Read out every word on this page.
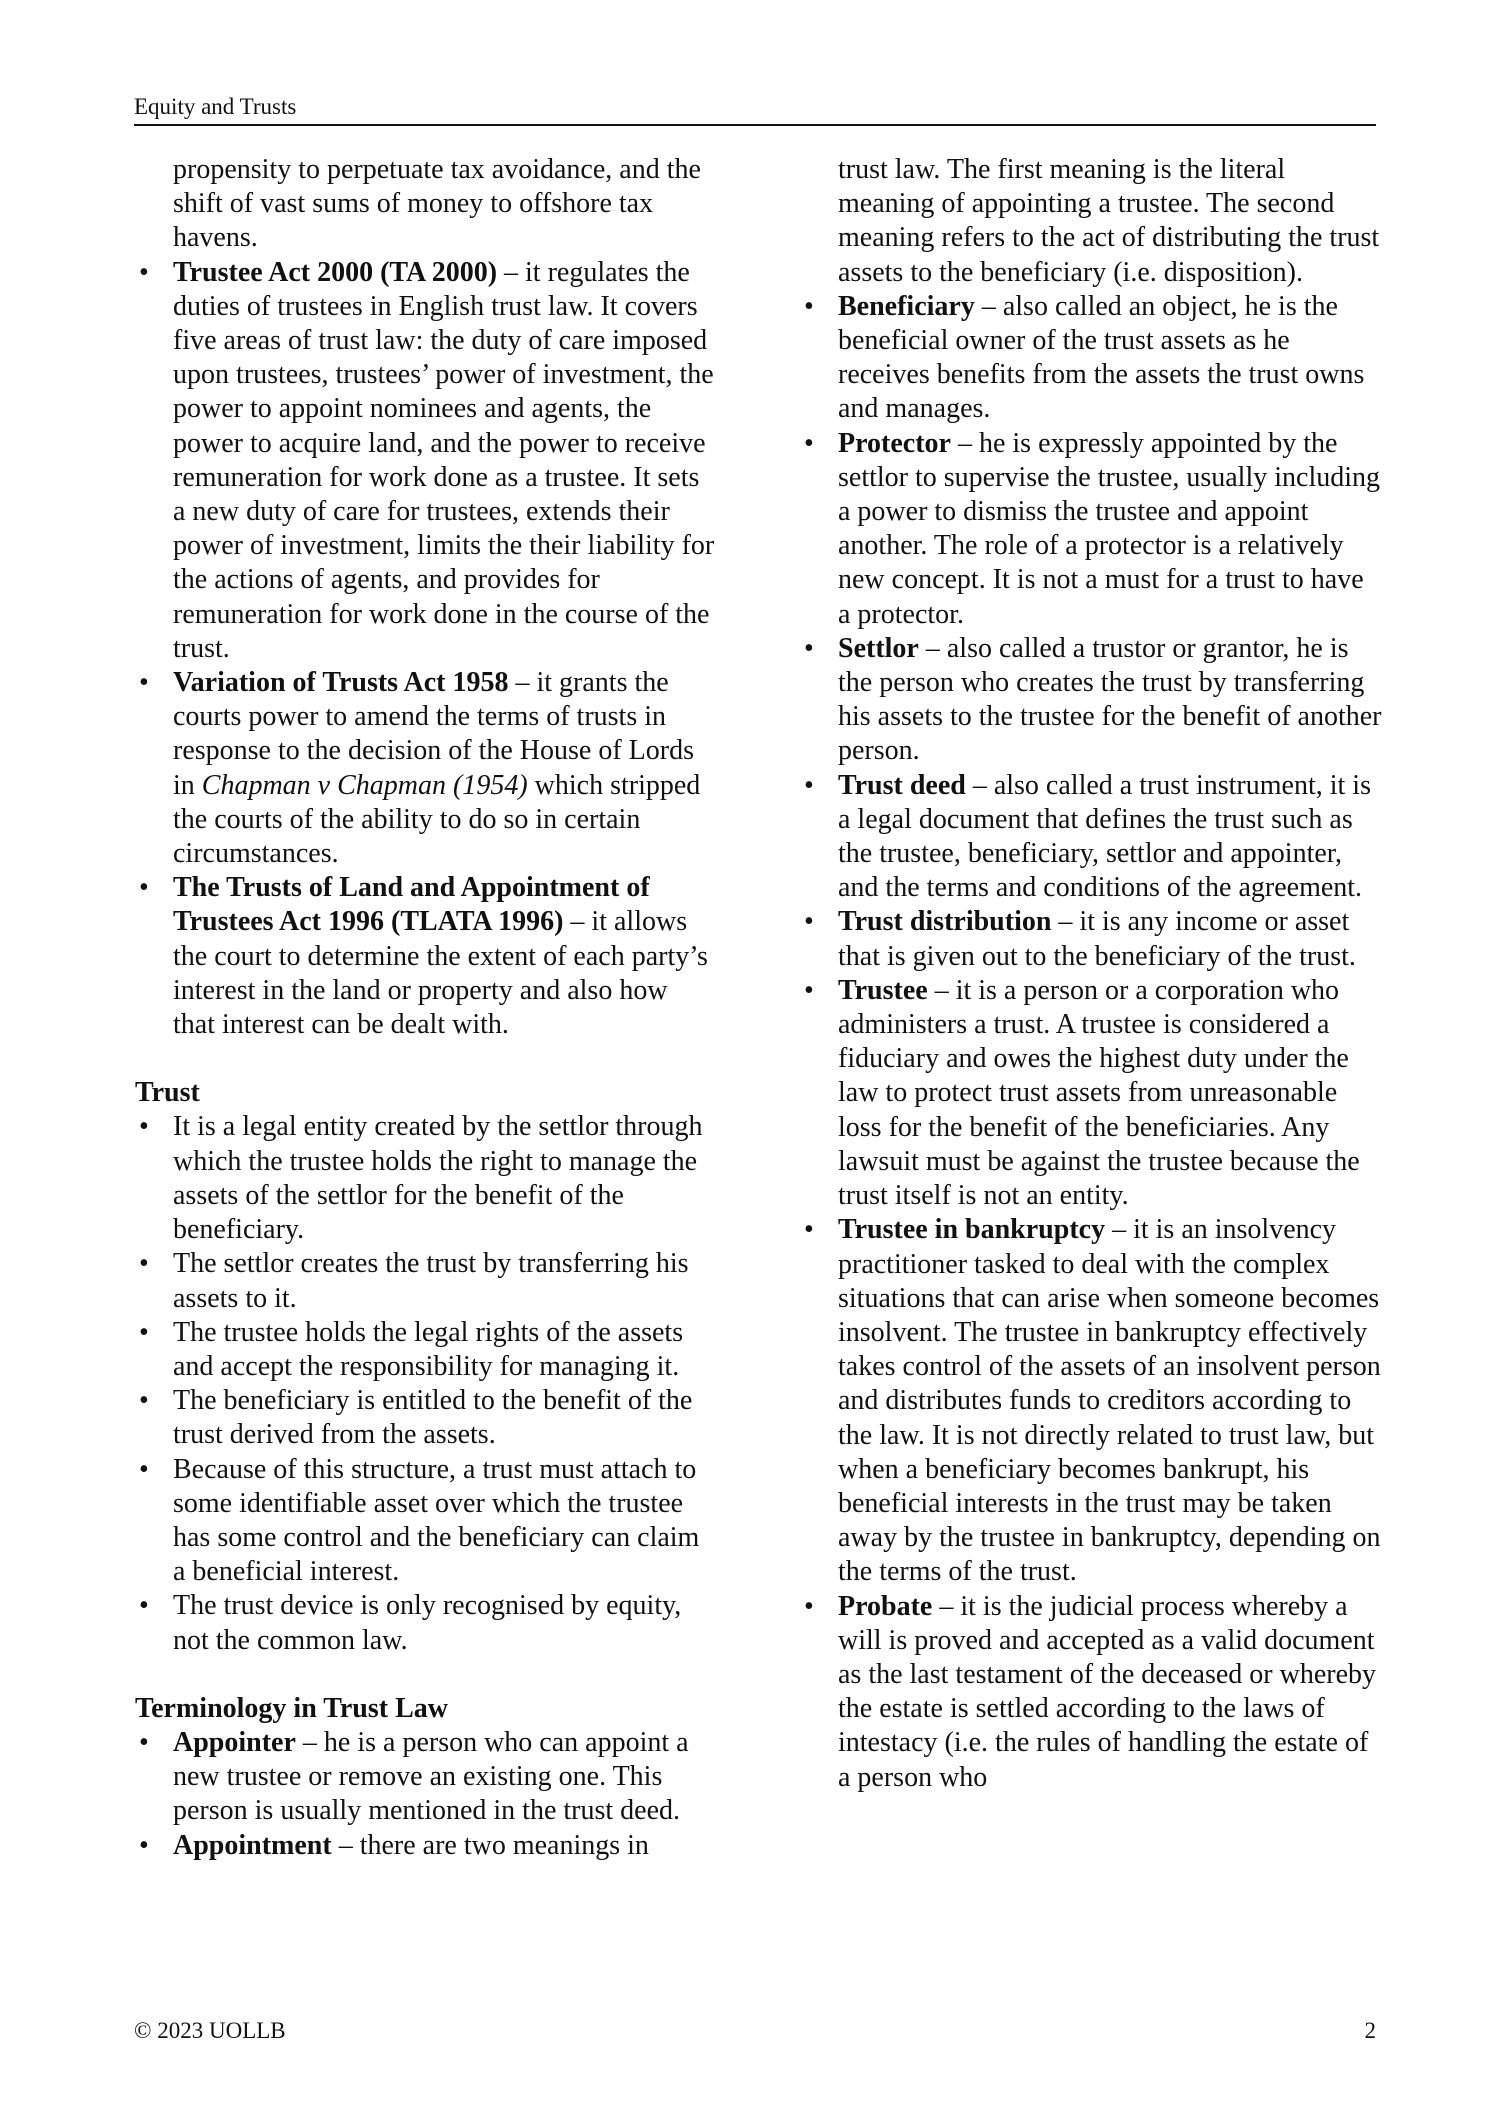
Equity and Trusts
propensity to perpetuate tax avoidance, and the shift of vast sums of money to offshore tax havens.
• Trustee Act 2000 (TA 2000) – it regulates the duties of trustees in English trust law. It covers five areas of trust law: the duty of care imposed upon trustees, trustees’ power of investment, the power to appoint nominees and agents, the power to acquire land, and the power to receive remuneration for work done as a trustee. It sets a new duty of care for trustees, extends their power of investment, limits the their liability for the actions of agents, and provides for remuneration for work done in the course of the trust.
• Variation of Trusts Act 1958 – it grants the courts power to amend the terms of trusts in response to the decision of the House of Lords in Chapman v Chapman (1954) which stripped the courts of the ability to do so in certain circumstances.
• The Trusts of Land and Appointment of Trustees Act 1996 (TLATA 1996) – it allows the court to determine the extent of each party’s interest in the land or property and also how that interest can be dealt with.
Trust
• It is a legal entity created by the settlor through which the trustee holds the right to manage the assets of the settlor for the benefit of the beneficiary.
• The settlor creates the trust by transferring his assets to it.
• The trustee holds the legal rights of the assets and accept the responsibility for managing it.
• The beneficiary is entitled to the benefit of the trust derived from the assets.
• Because of this structure, a trust must attach to some identifiable asset over which the trustee has some control and the beneficiary can claim a beneficial interest.
• The trust device is only recognised by equity, not the common law.
Terminology in Trust Law
• Appointer – he is a person who can appoint a new trustee or remove an existing one. This person is usually mentioned in the trust deed.
• Appointment – there are two meanings in
trust law. The first meaning is the literal meaning of appointing a trustee. The second meaning refers to the act of distributing the trust assets to the beneficiary (i.e. disposition).
• Beneficiary – also called an object, he is the beneficial owner of the trust assets as he receives benefits from the assets the trust owns and manages.
• Protector – he is expressly appointed by the settlor to supervise the trustee, usually including a power to dismiss the trustee and appoint another. The role of a protector is a relatively new concept. It is not a must for a trust to have a protector.
• Settlor – also called a trustor or grantor, he is the person who creates the trust by transferring his assets to the trustee for the benefit of another person.
• Trust deed – also called a trust instrument, it is a legal document that defines the trust such as the trustee, beneficiary, settlor and appointer, and the terms and conditions of the agreement.
• Trust distribution – it is any income or asset that is given out to the beneficiary of the trust.
• Trustee – it is a person or a corporation who administers a trust. A trustee is considered a fiduciary and owes the highest duty under the law to protect trust assets from unreasonable loss for the benefit of the beneficiaries. Any lawsuit must be against the trustee because the trust itself is not an entity.
• Trustee in bankruptcy – it is an insolvency practitioner tasked to deal with the complex situations that can arise when someone becomes insolvent. The trustee in bankruptcy effectively takes control of the assets of an insolvent person and distributes funds to creditors according to the law. It is not directly related to trust law, but when a beneficiary becomes bankrupt, his beneficial interests in the trust may be taken away by the trustee in bankruptcy, depending on the terms of the trust.
• Probate – it is the judicial process whereby a will is proved and accepted as a valid document as the last testament of the deceased or whereby the estate is settled according to the laws of intestacy (i.e. the rules of handling the estate of a person who
© 2023 UOLLB	2
